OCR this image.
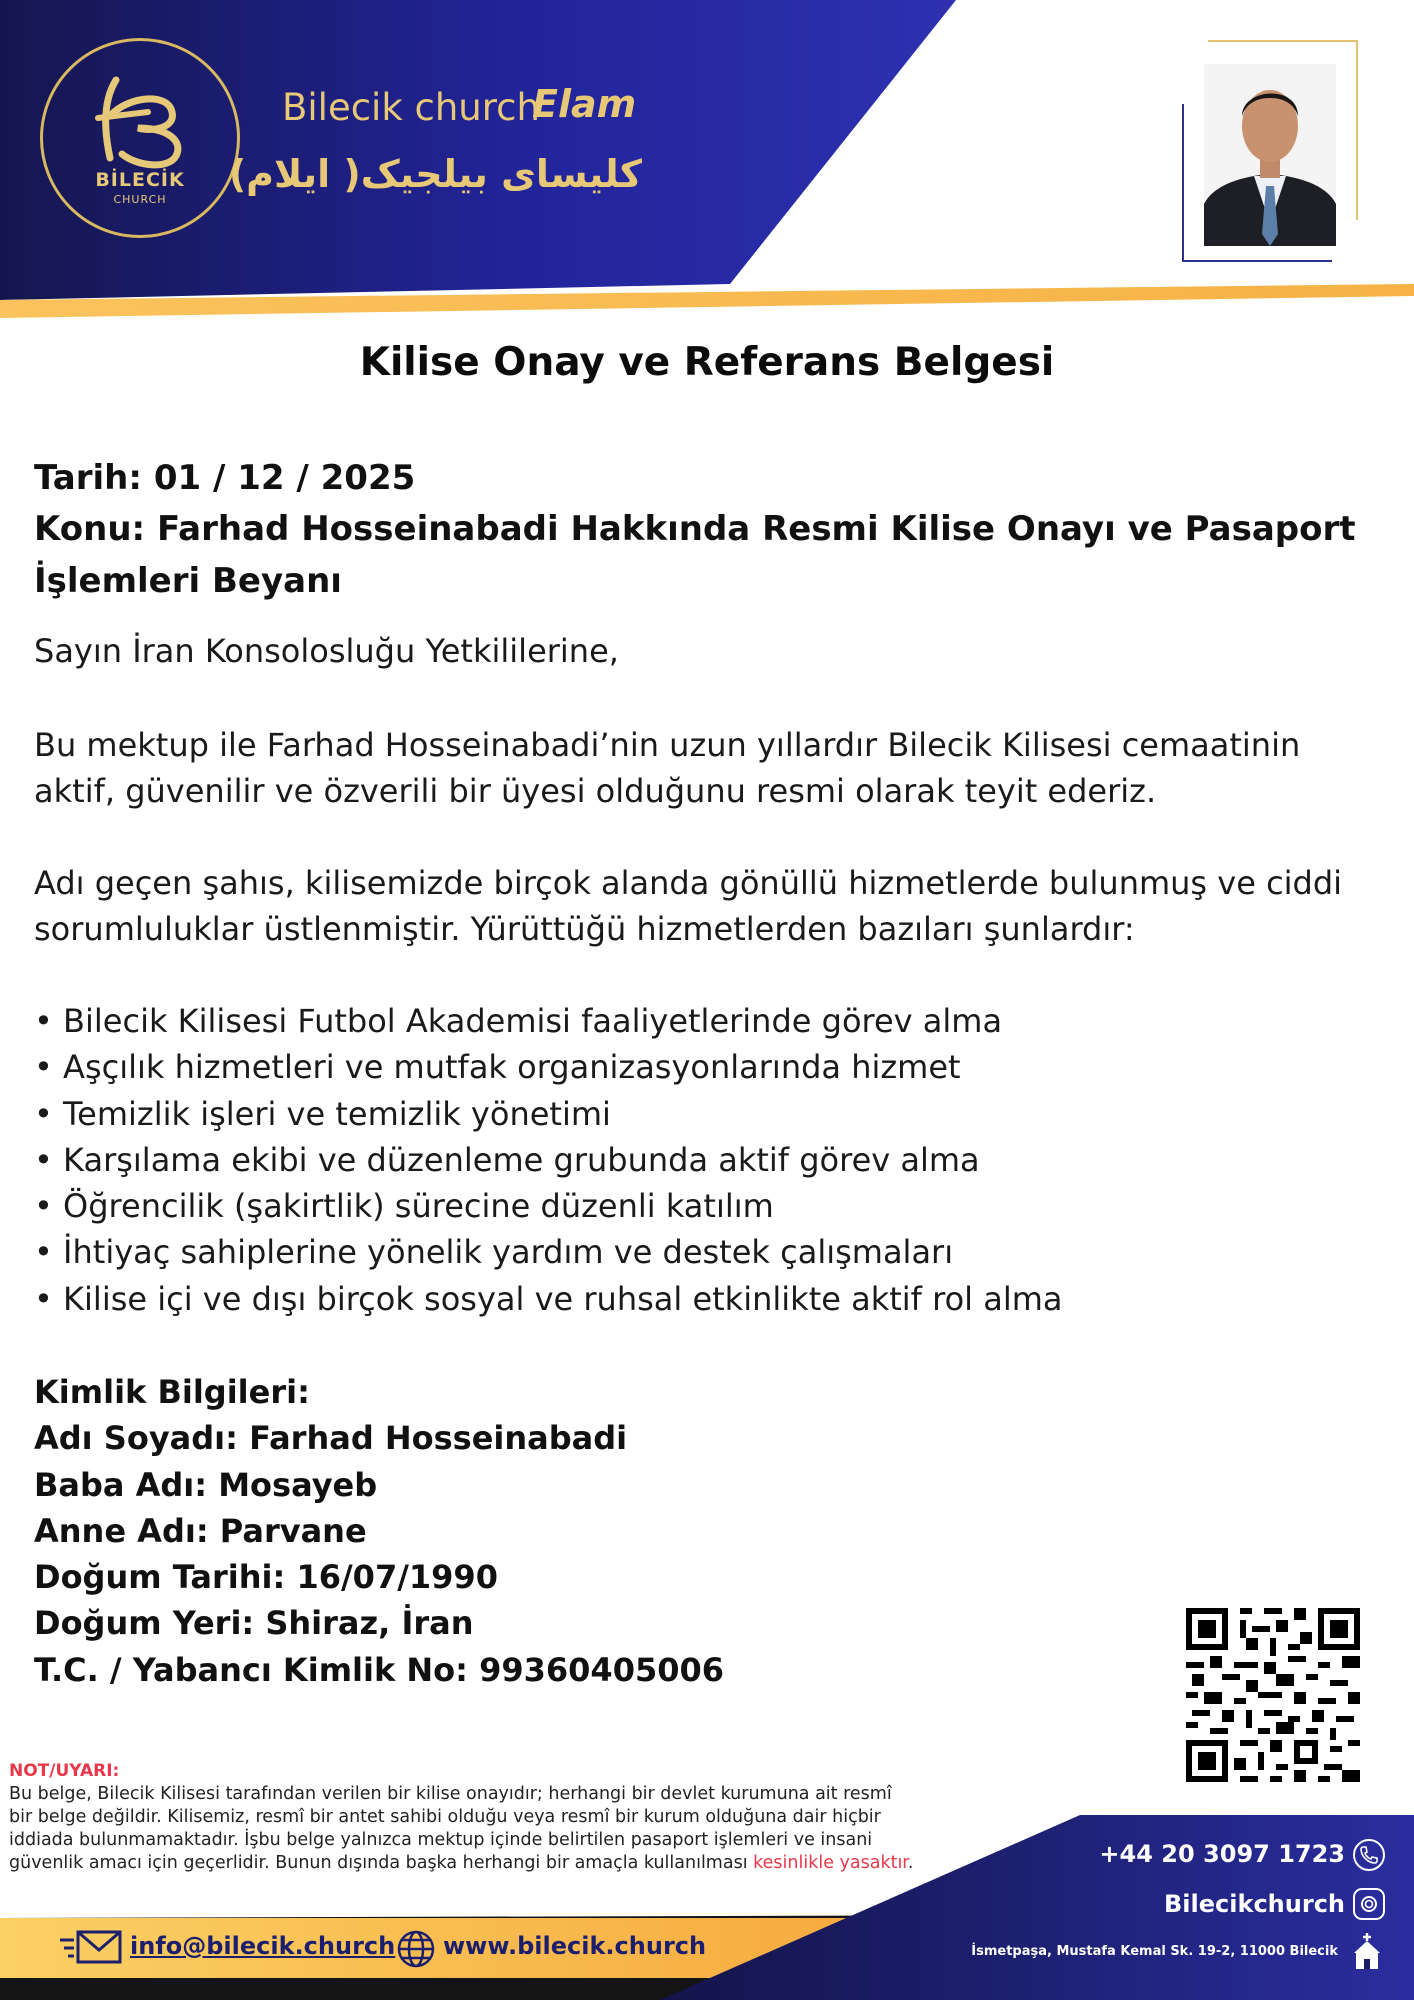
BİLECİK
CHURCH
Bilecik church
Elam
کلیسای بیلجیک( ایلام)
Kilise Onay ve Referans Belgesi
Tarih: 01 / 12 / 2025
Konu: Farhad Hosseinabadi Hakkında Resmi Kilise Onayı ve Pasaport
İşlemleri Beyanı
Sayın İran Konsolosluğu Yetkililerine,
Bu mektup ile Farhad Hosseinabadi’nin uzun yıllardır Bilecik Kilisesi cemaatinin
aktif, güvenilir ve özverili bir üyesi olduğunu resmi olarak teyit ederiz.
Adı geçen şahıs, kilisemizde birçok alanda gönüllü hizmetlerde bulunmuş ve ciddi
sorumluluklar üstlenmiştir. Yürüttüğü hizmetlerden bazıları şunlardır:
• Bilecik Kilisesi Futbol Akademisi faaliyetlerinde görev alma
• Aşçılık hizmetleri ve mutfak organizasyonlarında hizmet
• Temizlik işleri ve temizlik yönetimi
• Karşılama ekibi ve düzenleme grubunda aktif görev alma
• Öğrencilik (şakirtlik) sürecine düzenli katılım
• İhtiyaç sahiplerine yönelik yardım ve destek çalışmaları
• Kilise içi ve dışı birçok sosyal ve ruhsal etkinlikte aktif rol alma
Kimlik Bilgileri:
Adı Soyadı: Farhad Hosseinabadi
Baba Adı: Mosayeb
Anne Adı: Parvane
Doğum Tarihi: 16/07/1990
Doğum Yeri: Shiraz, İran
T.C. / Yabancı Kimlik No: 99360405006
NOT/UYARI:
Bu belge, Bilecik Kilisesi tarafından verilen bir kilise onayıdır; herhangi bir devlet kurumuna ait resmî
bir belge değildir. Kilisemiz, resmî bir antet sahibi olduğu veya resmî bir kurum olduğuna dair hiçbir
iddiada bulunmamaktadır. İşbu belge yalnızca mektup içinde belirtilen pasaport işlemleri ve insani
güvenlik amacı için geçerlidir. Bunun dışında başka herhangi bir amaçla kullanılması kesinlikle yasaktır.
info@bilecik.church www.bilecik.church
+44 20 3097 1723
Bilecikchurch
İsmetpaşa, Mustafa Kemal Sk. 19-2, 11000 Bilecik
